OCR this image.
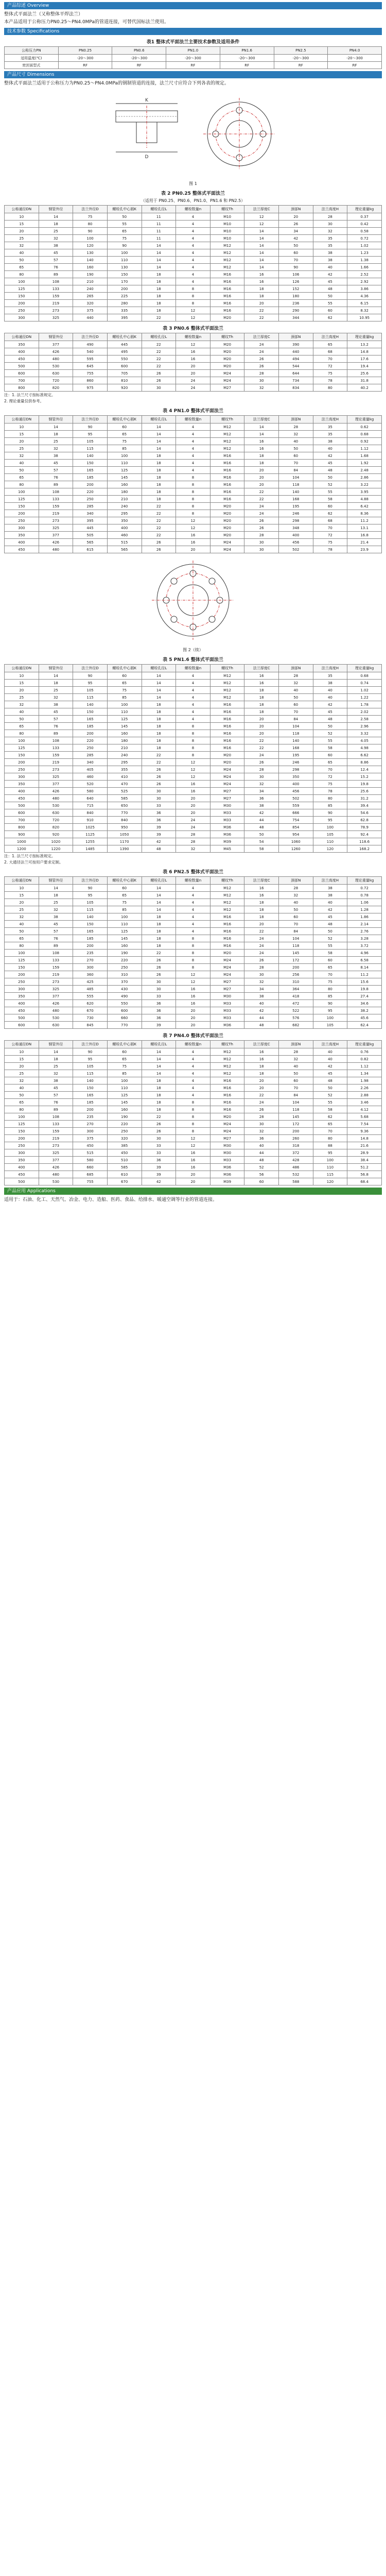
产品综述 Overview
整体式平面法兰（又称整体平焊法兰）
本产品适用于公称压力PN0.25～PN4.0MPa的管道连接，可替代国标法兰使用。
技术参数 Specifications
表1 整体式平面法兰主要技术参数及适用条件
公称压力PN	PN0.25	PN0.6	PN1.0	PN1.6	PN2.5	PN4.0
适用温度(℃)	-20～300	-20～300	-20～300	-20～300	-20～300	-20～300
密封面型式	RF	RF	RF	RF	RF	RF
产品尺寸 Dimensions
整体式平面法兰适用于公称压力为PN0.25～PN4.0MPa的钢制管道的连接，法兰尺寸应符合下列各表的规定。
D
K
图 1
表 2 PN0.25 整体式平面法兰
（适用于 PN0.25、PN0.6、PN1.0、PN1.6 和 PN2.5）
公称通径DN	钢管外径	法兰外径D	螺栓孔中心圆K	螺栓孔径L	螺栓数量n	螺纹Th	法兰厚度C	颈部N	法兰高度H	理论重量kg
10	14	75	50	11	4	M10	12	20	28	0.37
15	18	80	55	11	4	M10	12	26	30	0.42
20	25	90	65	11	4	M10	14	34	32	0.58
25	32	100	75	11	4	M10	14	42	35	0.72
32	38	120	90	14	4	M12	14	50	35	1.02
40	45	130	100	14	4	M12	14	60	38	1.23
50	57	140	110	14	4	M12	14	70	38	1.38
65	76	160	130	14	4	M12	14	90	40	1.66
80	89	190	150	18	4	M16	16	106	42	2.52
100	108	210	170	18	4	M16	16	126	45	2.92
125	133	240	200	18	8	M16	18	152	48	3.86
150	159	265	225	18	8	M16	18	180	50	4.36
200	219	320	280	18	8	M16	20	236	55	6.15
250	273	375	335	18	12	M16	22	290	60	8.32
300	325	440	395	22	12	M20	22	344	62	10.95
表 3 PN0.6 整体式平面法兰
公称通径DN	钢管外径	法兰外径D	螺栓孔中心圆K	螺栓孔径L	螺栓数量n	螺纹Th	法兰厚度C	颈部N	法兰高度H	理论重量kg
350	377	490	445	22	12	M20	24	390	65	13.2
400	426	540	495	22	16	M20	24	440	68	14.8
450	480	595	550	22	16	M20	26	494	70	17.6
500	530	645	600	22	20	M20	26	544	72	19.4
600	630	755	705	26	20	M24	28	644	75	25.6
700	720	860	810	26	24	M24	30	734	78	31.8
800	820	975	920	30	24	M27	32	834	80	40.2
注：1. 法兰尺寸按标准规定。
2. 理论重量仅供参考。
表 4 PN1.0 整体式平面法兰
公称通径DN	钢管外径	法兰外径D	螺栓孔中心圆K	螺栓孔径L	螺栓数量n	螺纹Th	法兰厚度C	颈部N	法兰高度H	理论重量kg
10	14	90	60	14	4	M12	14	28	35	0.62
15	18	95	65	14	4	M12	14	32	35	0.68
20	25	105	75	14	4	M12	16	40	38	0.92
25	32	115	85	14	4	M12	16	50	40	1.12
32	38	140	100	18	4	M16	18	60	42	1.68
40	45	150	110	18	4	M16	18	70	45	1.92
50	57	165	125	18	4	M16	20	84	48	2.48
65	76	185	145	18	8	M16	20	104	50	2.86
80	89	200	160	18	8	M16	20	118	52	3.22
100	108	220	180	18	8	M16	22	140	55	3.95
125	133	250	210	18	8	M16	22	168	58	4.88
150	159	285	240	22	8	M20	24	195	60	6.42
200	219	340	295	22	8	M20	24	246	62	8.36
250	273	395	350	22	12	M20	26	298	68	11.2
300	325	445	400	22	12	M20	26	348	70	13.1
350	377	505	460	22	16	M20	28	400	72	16.8
400	426	565	515	26	16	M24	30	456	75	21.4
450	480	615	565	26	20	M24	30	502	78	23.9
图 2（续）
表 5 PN1.6 整体式平面法兰
公称通径DN	钢管外径	法兰外径D	螺栓孔中心圆K	螺栓孔径L	螺栓数量n	螺纹Th	法兰厚度C	颈部N	法兰高度H	理论重量kg
10	14	90	60	14	4	M12	16	28	35	0.68
15	18	95	65	14	4	M12	16	32	38	0.74
20	25	105	75	14	4	M12	18	40	40	1.02
25	32	115	85	14	4	M12	18	50	40	1.22
32	38	140	100	18	4	M16	18	60	42	1.78
40	45	150	110	18	4	M16	18	70	45	2.02
50	57	165	125	18	4	M16	20	84	48	2.58
65	76	185	145	18	8	M16	20	104	50	2.96
80	89	200	160	18	8	M16	20	118	52	3.32
100	108	220	180	18	8	M16	22	140	55	4.05
125	133	250	210	18	8	M16	22	168	58	4.98
150	159	285	240	22	8	M20	24	195	60	6.62
200	219	340	295	22	12	M20	26	246	65	8.86
250	273	405	355	26	12	M24	28	298	70	12.4
300	325	460	410	26	12	M24	30	350	72	15.2
350	377	520	470	26	16	M24	32	400	75	19.8
400	426	580	525	30	16	M27	34	456	78	25.6
450	480	640	585	30	20	M27	36	502	80	31.2
500	530	715	650	33	20	M30	38	559	85	39.4
600	630	840	770	36	20	M33	42	666	90	54.6
700	720	910	840	36	24	M33	44	754	95	62.8
800	820	1025	950	39	24	M36	48	854	100	78.9
900	920	1125	1050	39	28	M36	50	954	105	92.4
1000	1020	1255	1170	42	28	M39	54	1060	110	118.6
1200	1220	1485	1390	48	32	M45	58	1260	120	168.2
注：1. 法兰尺寸按标准规定。
2. 大通径法兰可按用户要求定制。
表 6 PN2.5 整体式平面法兰
公称通径DN	钢管外径	法兰外径D	螺栓孔中心圆K	螺栓孔径L	螺栓数量n	螺纹Th	法兰厚度C	颈部N	法兰高度H	理论重量kg
10	14	90	60	14	4	M12	16	28	38	0.72
15	18	95	65	14	4	M12	16	32	38	0.78
20	25	105	75	14	4	M12	18	40	40	1.06
25	32	115	85	14	4	M12	18	50	42	1.28
32	38	140	100	18	4	M16	18	60	45	1.86
40	45	150	110	18	4	M16	20	70	48	2.14
50	57	165	125	18	4	M16	22	84	50	2.76
65	76	185	145	18	8	M16	24	104	52	3.28
80	89	200	160	18	8	M16	24	118	55	3.72
100	108	235	190	22	8	M20	24	145	58	4.96
125	133	270	220	26	8	M24	26	172	60	6.58
150	159	300	250	26	8	M24	28	200	65	8.14
200	219	360	310	26	12	M24	30	256	70	11.2
250	273	425	370	30	12	M27	32	310	75	15.6
300	325	485	430	30	16	M27	34	364	80	19.8
350	377	555	490	33	16	M30	38	418	85	27.4
400	426	620	550	36	16	M33	40	472	90	34.6
450	480	670	600	36	20	M33	42	522	95	38.2
500	530	730	660	36	20	M33	44	576	100	45.6
600	630	845	770	39	20	M36	48	682	105	62.4
表 7 PN4.0 整体式平面法兰
公称通径DN	钢管外径	法兰外径D	螺栓孔中心圆K	螺栓孔径L	螺栓数量n	螺纹Th	法兰厚度C	颈部N	法兰高度H	理论重量kg
10	14	90	60	14	4	M12	16	28	40	0.76
15	18	95	65	14	4	M12	16	32	40	0.82
20	25	105	75	14	4	M12	18	40	42	1.12
25	32	115	85	14	4	M12	18	50	45	1.34
32	38	140	100	18	4	M16	20	60	48	1.98
40	45	150	110	18	4	M16	20	70	50	2.26
50	57	165	125	18	4	M16	22	84	52	2.88
65	76	185	145	18	8	M16	24	104	55	3.46
80	89	200	160	18	8	M16	26	118	58	4.12
100	108	235	190	22	8	M20	28	145	62	5.68
125	133	270	220	26	8	M24	30	172	65	7.54
150	159	300	250	26	8	M24	32	200	70	9.36
200	219	375	320	30	12	M27	36	260	80	14.8
250	273	450	385	33	12	M30	40	318	88	21.6
300	325	515	450	33	16	M30	44	372	95	28.9
350	377	580	510	36	16	M33	48	428	100	38.4
400	426	660	585	39	16	M36	52	486	110	51.2
450	480	685	610	39	20	M36	56	532	115	56.8
500	530	755	670	42	20	M39	60	588	120	68.4
产品应用 Applications
适用于：石油、化工、天然气、冶金、电力、造船、医药、食品、给排水、暖通空调等行业的管道连接。
